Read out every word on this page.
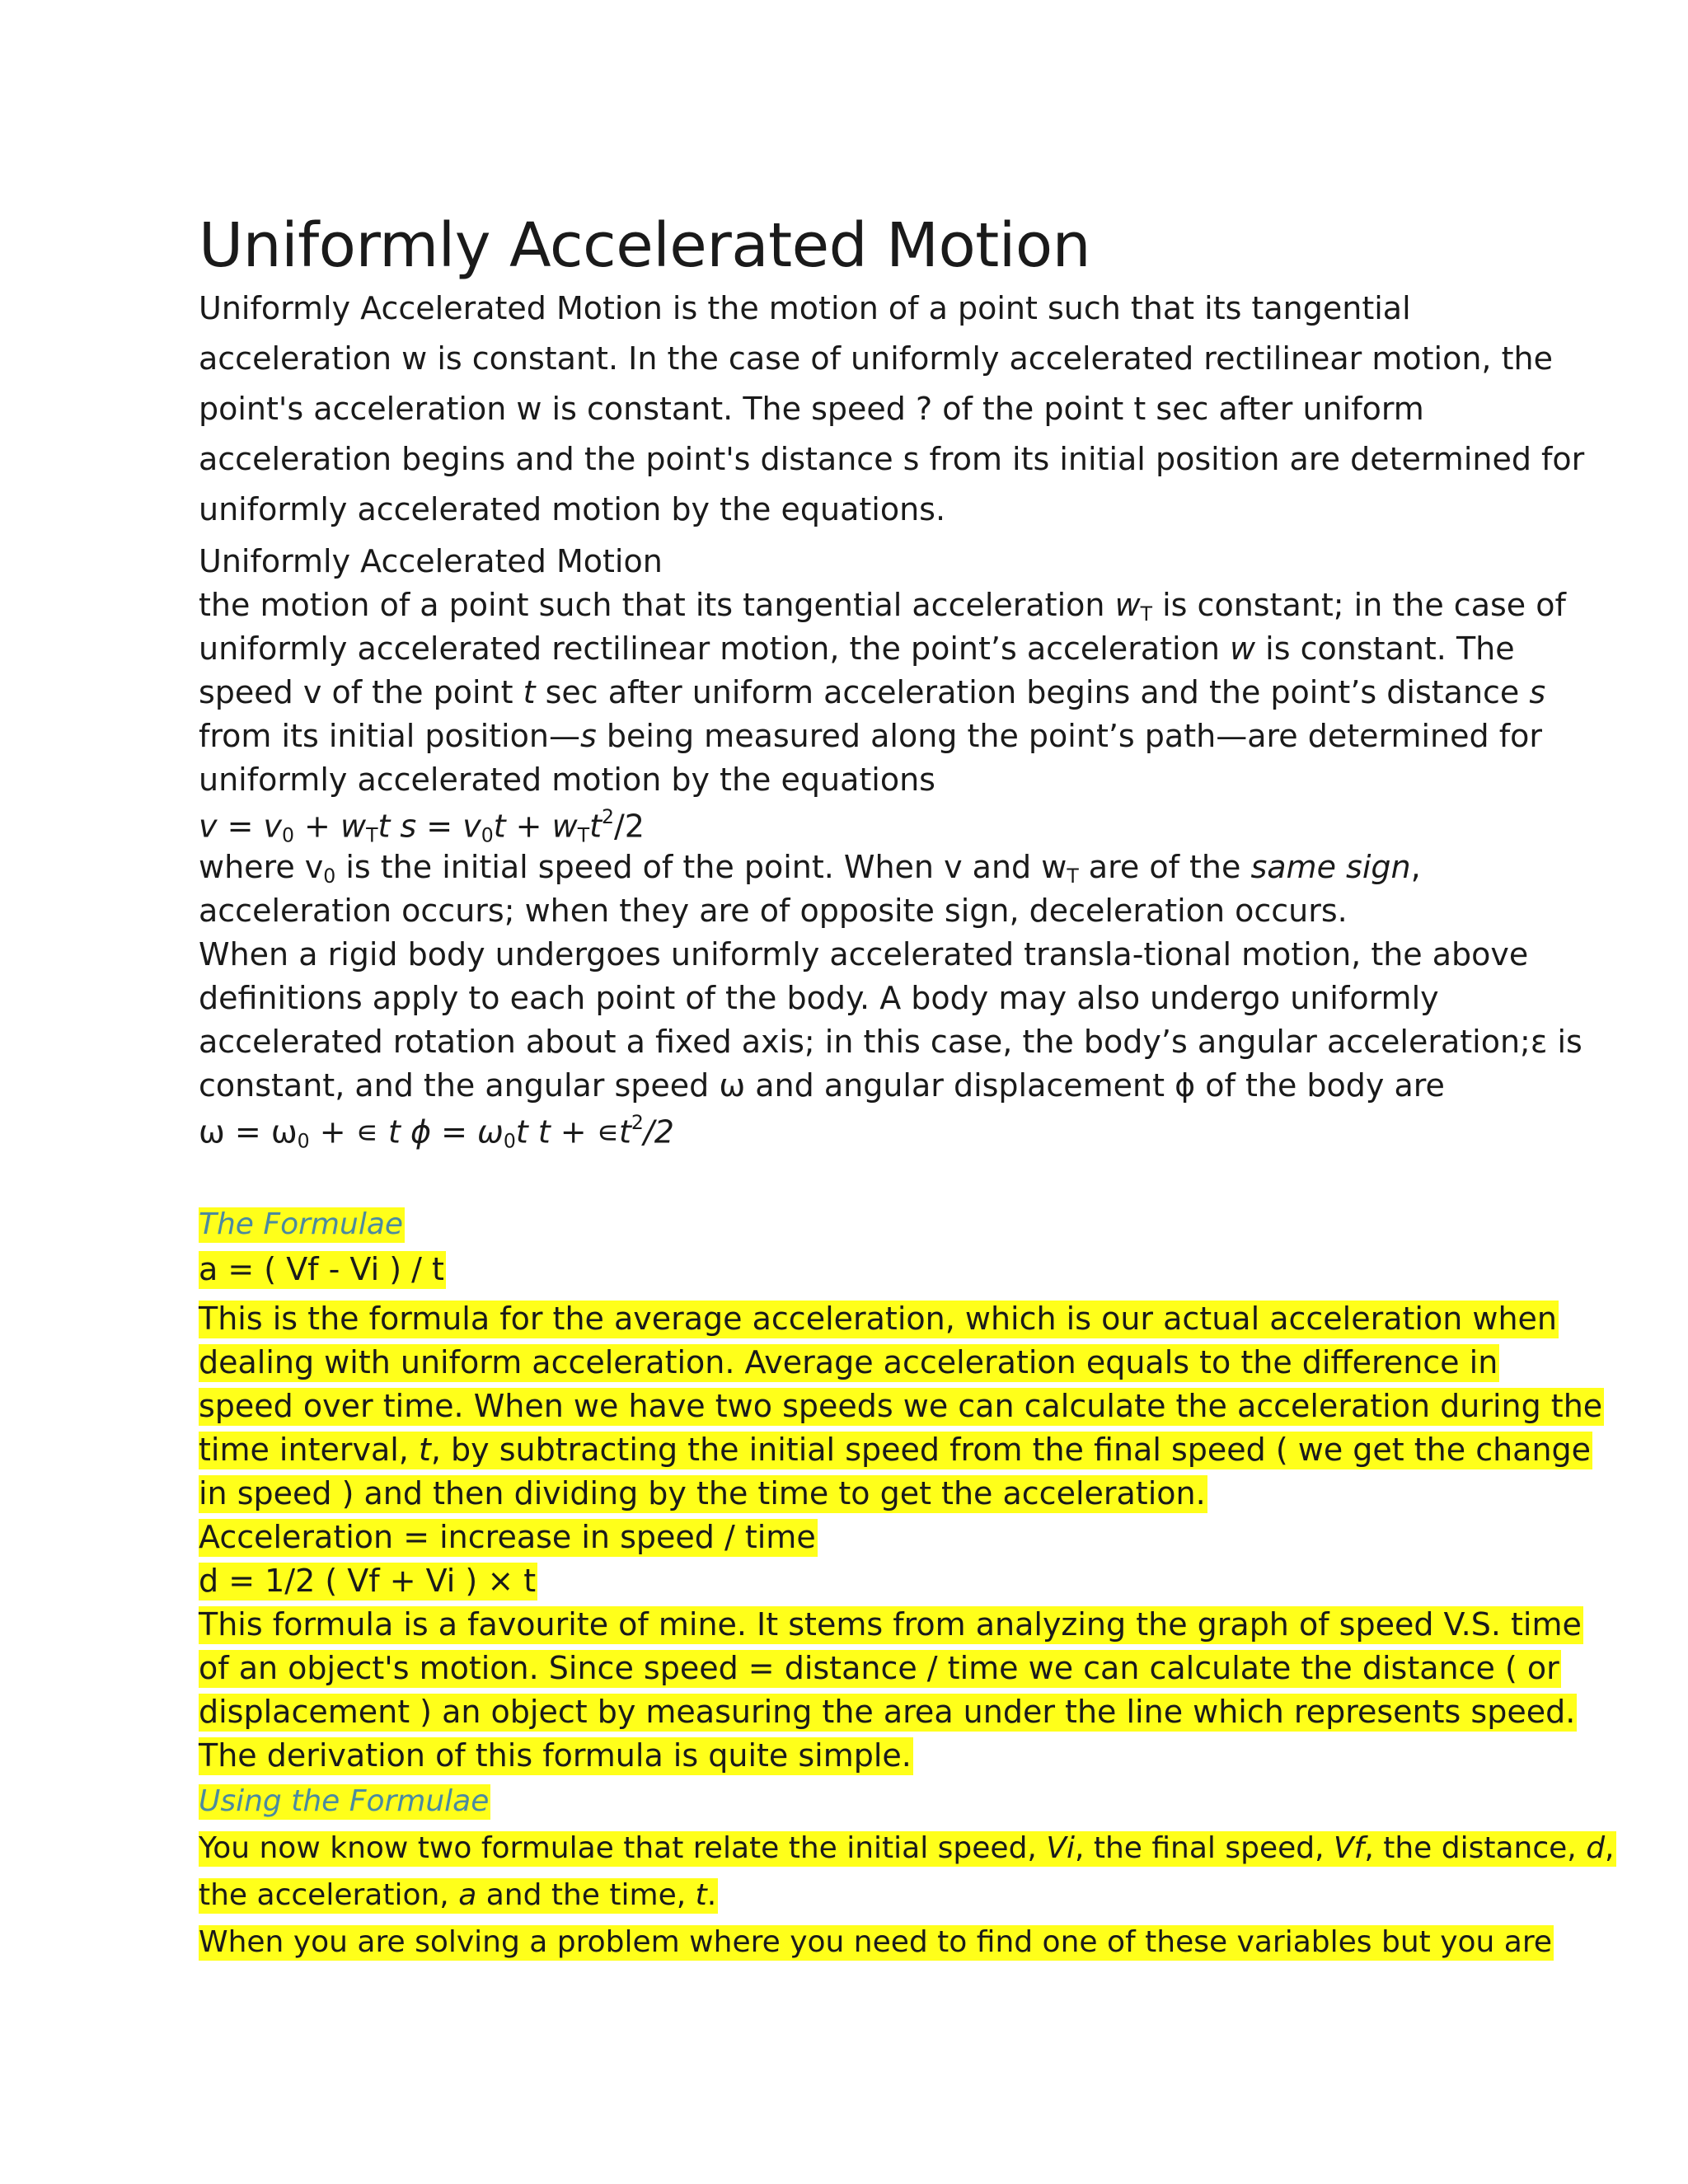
Uniformly Accelerated Motion
Uniformly Accelerated Motion is the motion of a point such that its tangential
acceleration w is constant. In the case of uniformly accelerated rectilinear motion, the
point's acceleration w is constant. The speed ? of the point t sec after uniform
acceleration begins and the point's distance s from its initial position are determined for
uniformly accelerated motion by the equations.
Uniformly Accelerated Motion
the motion of a point such that its tangential acceleration $w_T$ is constant; in the case of
uniformly accelerated rectilinear motion, the point’s acceleration w is constant. The
speed v of the point t sec after uniform acceleration begins and the point’s distance s
from its initial position—s being measured along the point’s path—are determined for
uniformly accelerated motion by the equations
$v = v_0 + w_Tt$ $s = v_0t + w_Tt^2/2$
where $v_0$ is the initial speed of the point. When v and $w_T$ are of the same sign,
acceleration occurs; when they are of opposite sign, deceleration occurs.
When a rigid body undergoes uniformly accelerated transla-tional motion, the above
definitions apply to each point of the body. A body may also undergo uniformly
accelerated rotation about a fixed axis; in this case, the body’s angular acceleration;ε is
constant, and the angular speed ω and angular displacement ϕ of the body are
$\omega = \omega_0$ + ∊ t $\phi = \omega_0t$ $t + ∊t^2/2$
The Formulae
a = ( Vf - Vi ) / t
This is the formula for the average acceleration, which is our actual acceleration when
dealing with uniform acceleration. Average acceleration equals to the difference in
speed over time. When we have two speeds we can calculate the acceleration during the
time interval, t, by subtracting the initial speed from the final speed ( we get the change
in speed ) and then dividing by the time to get the acceleration.
Acceleration = increase in speed / time
d = 1/2 ( Vf + Vi ) × t
This formula is a favourite of mine. It stems from analyzing the graph of speed V.S. time
of an object's motion. Since speed = distance / time we can calculate the distance ( or
displacement ) an object by measuring the area under the line which represents speed.
The derivation of this formula is quite simple.
Using the Formulae
You now know two formulae that relate the initial speed, Vi, the final speed, Vf, the distance, d,
the acceleration, a and the time, t.
When you are solving a problem where you need to find one of these variables but you are
